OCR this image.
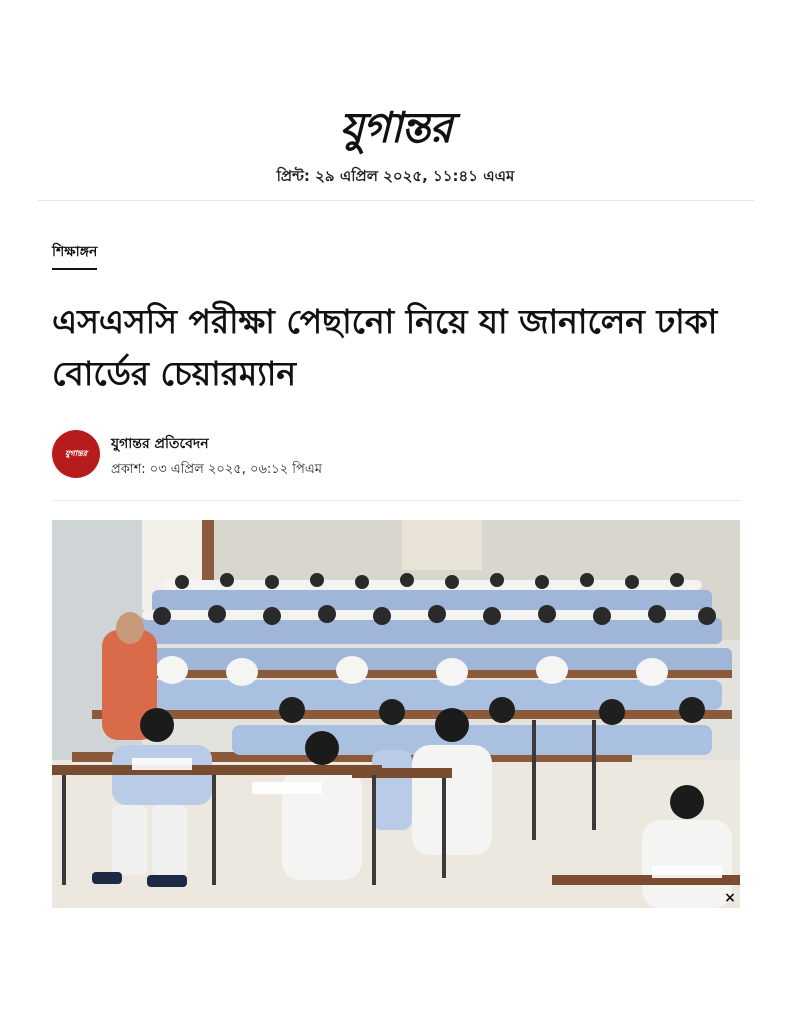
যুগান্তর
প্রিন্ট: ২৯ এপ্রিল ২০২৫, ১১:৪১ এএম
শিক্ষাঙ্গন
এসএসসি পরীক্ষা পেছানো নিয়ে যা জানালেন ঢাকা বোর্ডের চেয়ারম্যান
যুগান্তর
যুগান্তর প্রতিবেদন
প্রকাশ: ০৩ এপ্রিল ২০২৫, ০৬:১২ পিএম
×
